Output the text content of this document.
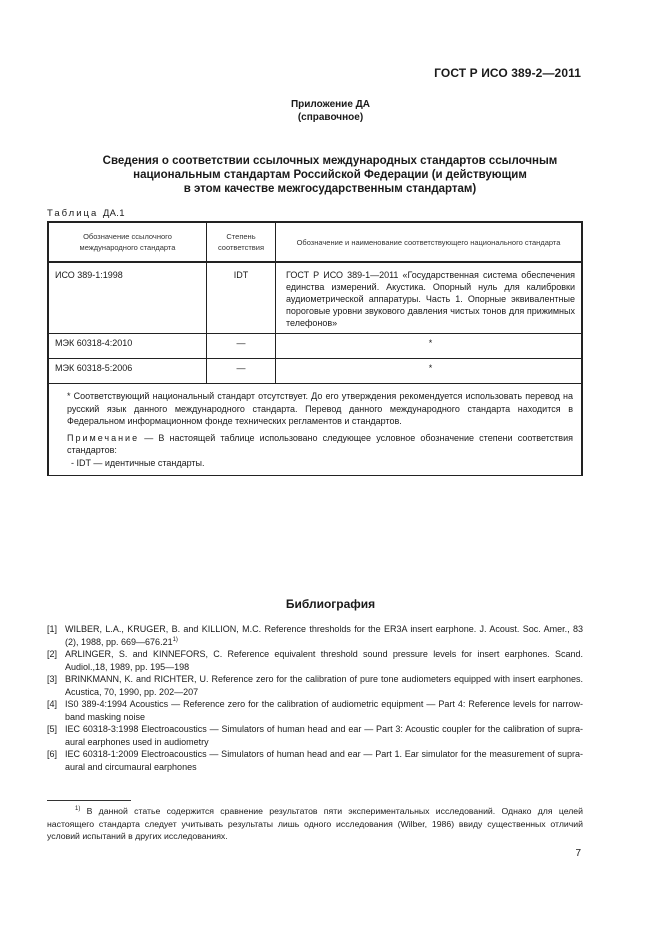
ГОСТ Р ИСО 389-2—2011
Приложение ДА
(справочное)
Сведения о соответствии ссылочных международных стандартов ссылочным
национальным стандартам Российской Федерации (и действующим
в этом качестве межгосударственным стандартам)
Таблица ДА.1
Обозначение ссылочного международного стандарта	Степень соответствия	Обозначение и наименование соответствующего национального стандарта
ИСО 389-1:1998	IDT	ГОСТ Р ИСО 389-1—2011 «Государственная система обеспечения единства измерений. Акустика. Опорный нуль для калибровки аудиометрической аппаратуры. Часть 1. Опорные эквивалентные пороговые уровни звукового давления чистых тонов для прижимных телефонов»
МЭК 60318-4:2010	—	*
МЭК 60318-5:2006	—	*

* Соответствующий национальный стандарт отсутствует. До его утверждения рекомендуется использовать перевод на русский язык данного международного стандарта. Перевод данного международного стандарта находится в Федеральном информационном фонде технических регламентов и стандартов.

Примечание — В настоящей таблице использовано следующее условное обозначение степени соответствия стандартов:

- IDT — идентичные стандарты.		

Библиография
[1] WILBER, L.A., KRUGER, B. and KILLION, M.C. Reference thresholds for the ER3A insert earphone. J. Acoust. Soc. Amer., 83 (2), 1988, pp. 669—676.21$^{1)}$
[2] ARLINGER, S. and KINNEFORS, C. Reference equivalent threshold sound pressure levels for insert earphones. Scand. Audiol.,18, 1989, pp. 195—198
[3] BRINKMANN, K. and RICHTER, U. Reference zero for the calibration of pure tone audiometers equipped with insert earphones. Acustica, 70, 1990, pp. 202—207
[4] IS0 389-4:1994 Acoustics — Reference zero for the calibration of audiometric equipment — Part 4: Reference levels for narrow-band masking noise
[5] IEC 60318-3:1998 Electroacoustics — Simulators of human head and ear — Part 3: Acoustic coupler for the calibration of supra-aural earphones used in audiometry
[6] IEC 60318-1:2009 Electroacoustics — Simulators of human head and ear — Part 1. Ear simulator for the measurement of supra-aural and circumaural earphones
$^{1)}$ В данной статье содержится сравнение результатов пяти экспериментальных исследований. Однако для целей настоящего стандарта следует учитывать результаты лишь одного исследования (Wilber, 1986) ввиду существенных отличий условий испытаний в других исследованиях.
7
